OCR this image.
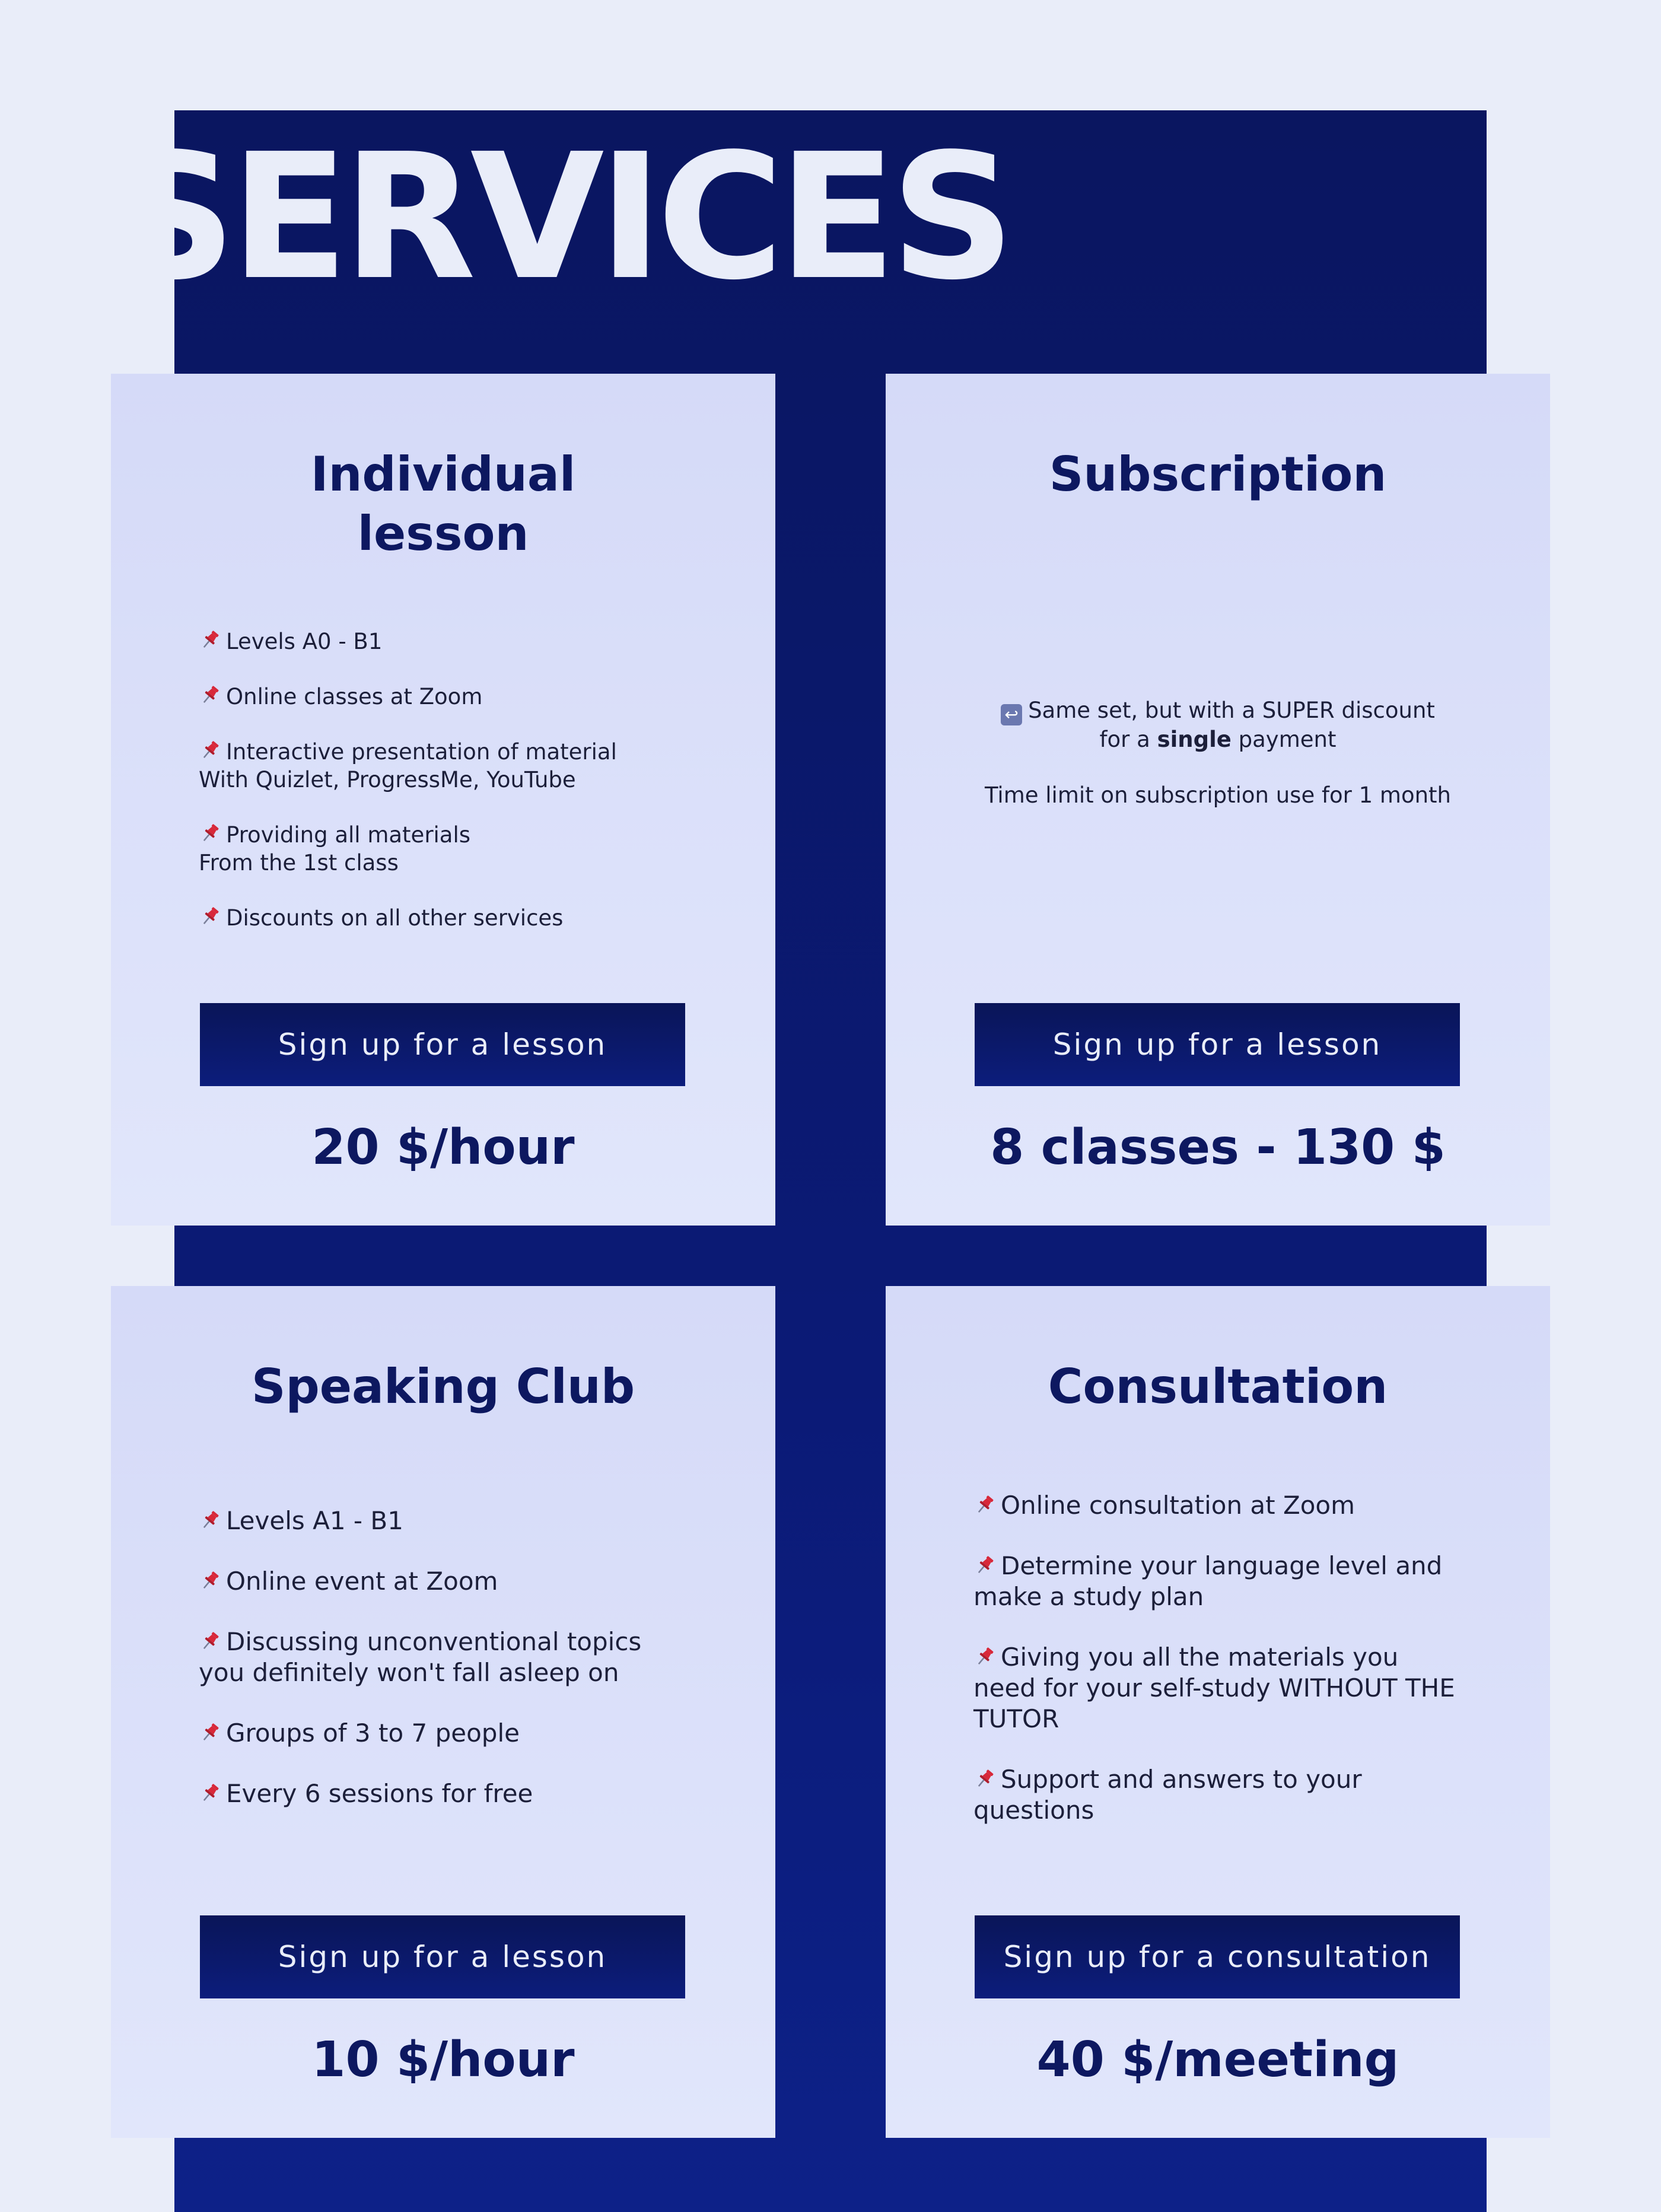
SERVICES
Individual
lesson
Levels A0 - B1
Online classes at Zoom
Interactive presentation of material
With Quizlet, ProgressMe, YouTube
Providing all materials
From the 1st class
Discounts on all other services
Sign up for a lesson

20 $/hour

Subscription

↩ Same set, but with a SUPER discount
for a single payment

Time limit on subscription use for 1 month

Sign up for a lesson

8 classes - 130 $

Speaking Club
Levels A1 - B1
Online event at Zoom
Discussing unconventional topics
you definitely won't fall asleep on
Groups of 3 to 7 people
Every 6 sessions for free
Sign up for a lesson

10 $/hour

Consultation
Online consultation at Zoom
Determine your language level and
make a study plan
Giving you all the materials you
need for your self-study WITHOUT THE
TUTOR
Support and answers to your
questions
Sign up for a consultation

40 $/meeting
